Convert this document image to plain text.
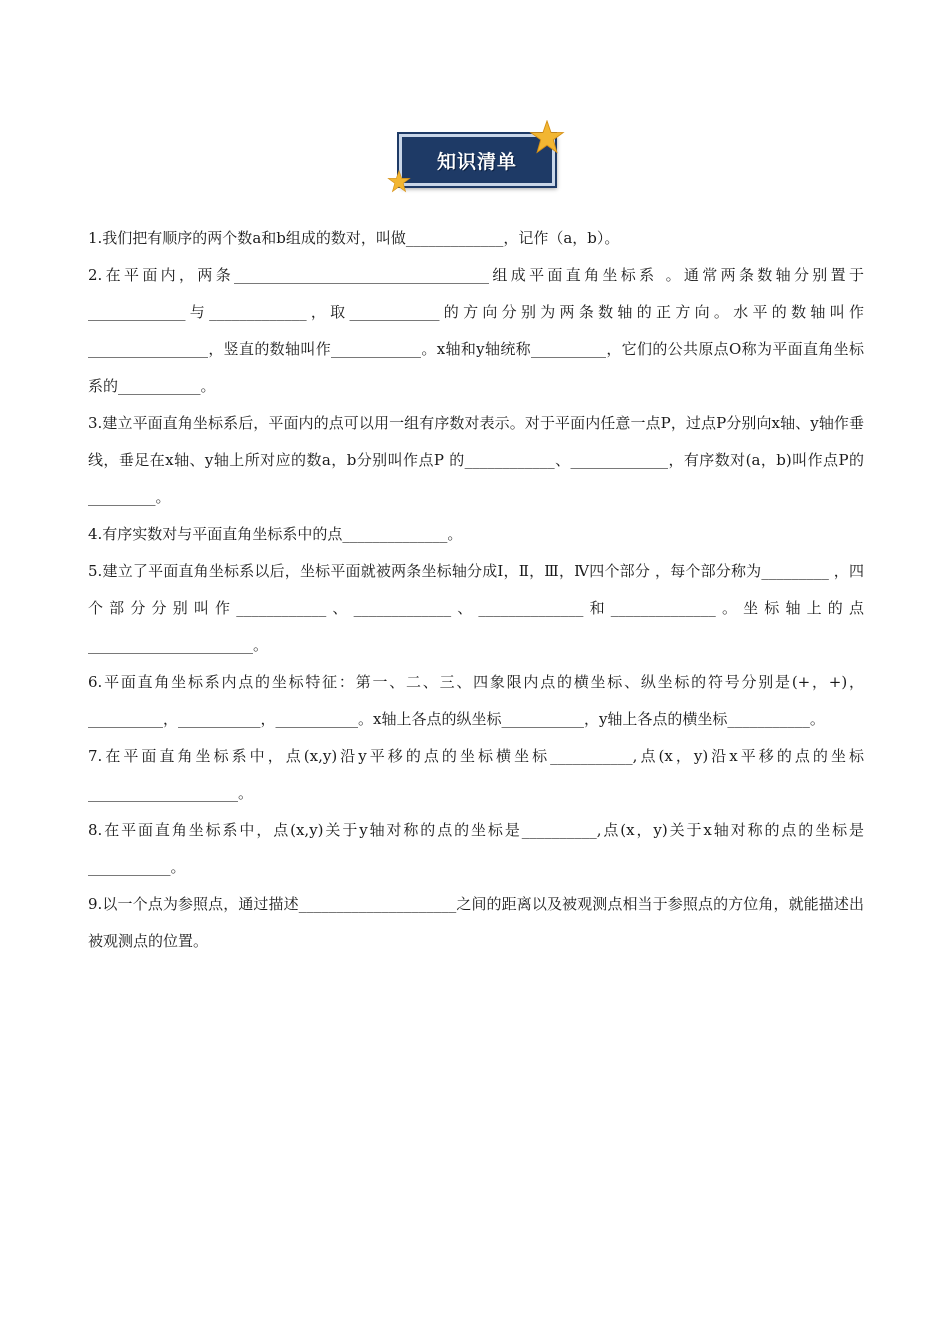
知识清单

1.我们把有顺序的两个数a和b组成的数对，叫做_____________，记作（a，b）。

2.在平面内，两条__________________________________组成平面直角坐标系 。通常两条数轴分别置于_____________与_____________，取____________的方向分别为两条数轴的正方向。水平的数轴叫作________________，竖直的数轴叫作____________。x轴和y轴统称__________，它们的公共原点O称为平面直角坐标系的___________。

3.建立平面直角坐标系后，平面内的点可以用一组有序数对表示。对于平面内任意一点P，过点P分别向x轴、y轴作垂线，垂足在x轴、y轴上所对应的数a，b分别叫作点P 的____________、_____________，有序数对(a，b)叫作点P的_________。

4.有序实数对与平面直角坐标系中的点______________。

5.建立了平面直角坐标系以后，坐标平面就被两条坐标轴分成Ⅰ，Ⅱ，Ⅲ，Ⅳ四个部分 ，每个部分称为_________ ，四个部分分别叫作____________、_____________、______________和______________。坐标轴上的点______________________。

6.平面直角坐标系内点的坐标特征：第一、二、三、四象限内点的横坐标、纵坐标的符号分别是(+，+)，__________，___________，___________。x轴上各点的纵坐标___________，y轴上各点的横坐标___________。

7.在平面直角坐标系中，点(x,y)沿y平移的点的坐标横坐标___________,点(x，y)沿x平移的点的坐标____________________。

8.在平面直角坐标系中，点(x,y)关于y轴对称的点的坐标是__________,点(x，y)关于x轴对称的点的坐标是___________。

9.以一个点为参照点，通过描述_____________________之间的距离以及被观测点相当于参照点的方位角，就能描述出被观测点的位置。
